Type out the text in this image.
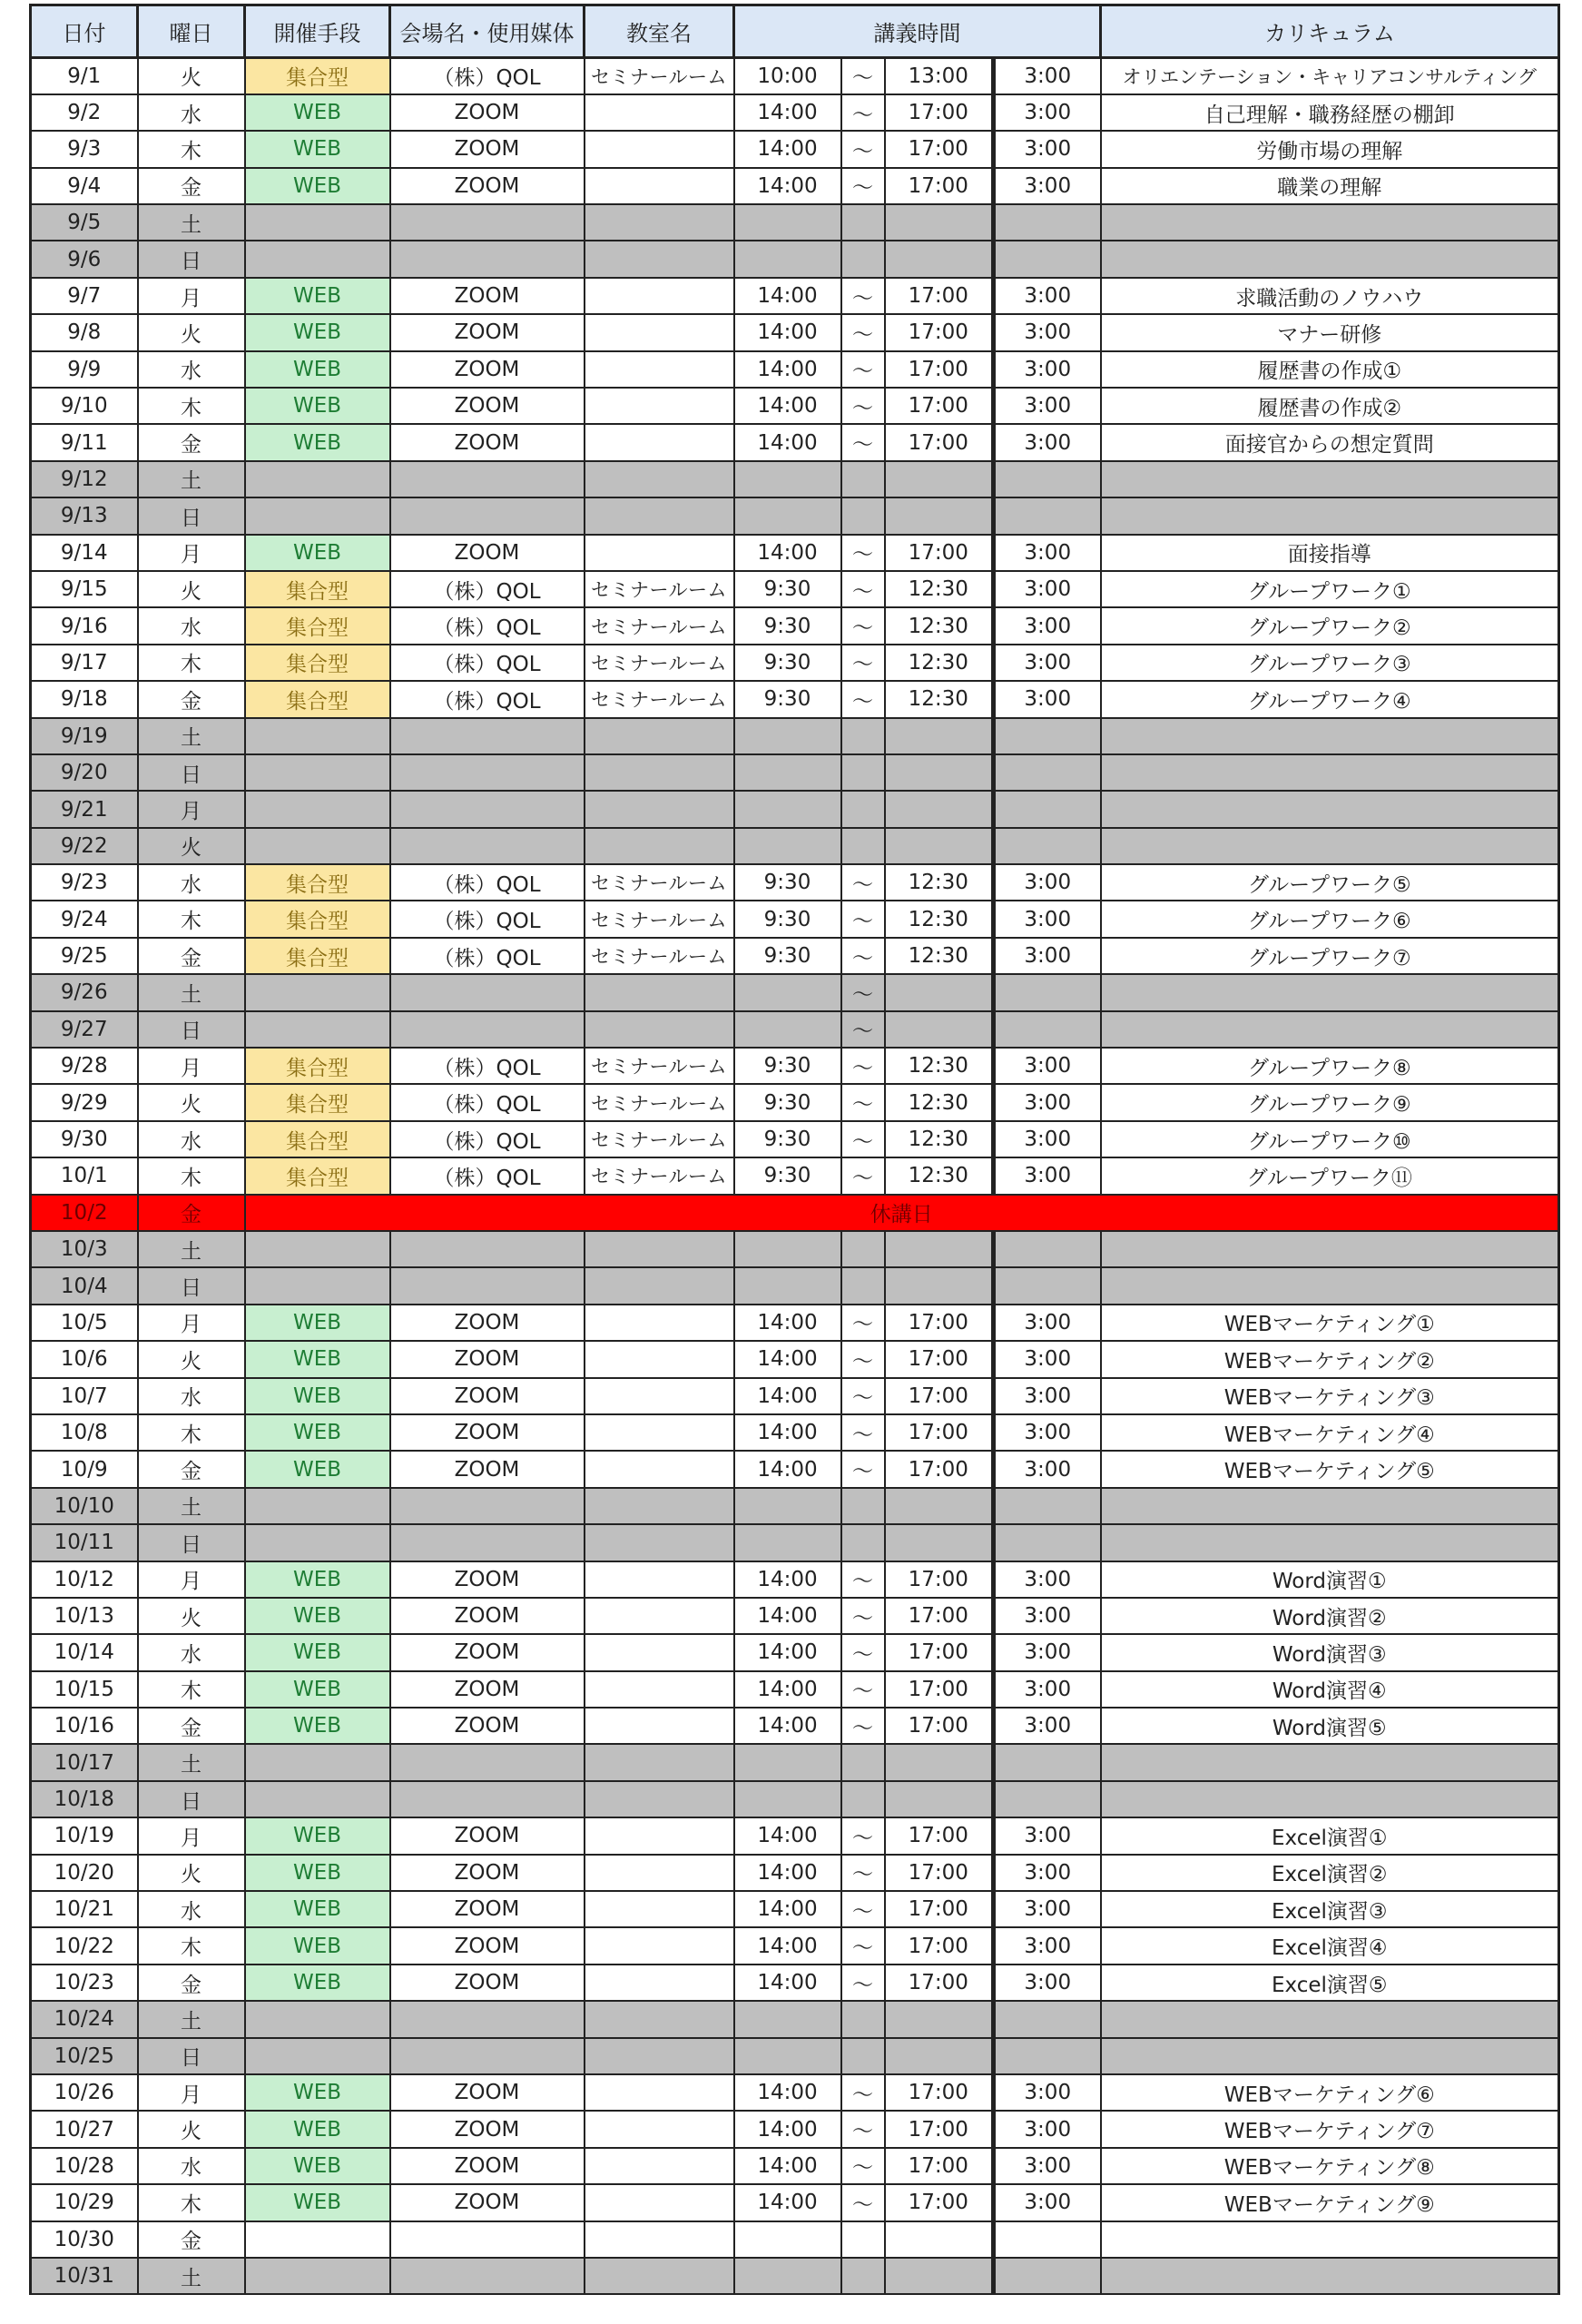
日付	曜日	開催手段	会場名・使用媒体	教室名	講義時間				カリキュラム
9/1	火	集合型	（株）QOL	セミナールーム	10:00	〜	13:00	3:00	オリエンテーション・キャリアコンサルティング
9/2	水	WEB	ZOOM		14:00	〜	17:00	3:00	自己理解・職務経歴の棚卸
9/3	木	WEB	ZOOM		14:00	〜	17:00	3:00	労働市場の理解
9/4	金	WEB	ZOOM		14:00	〜	17:00	3:00	職業の理解
9/5	土								
9/6	日								
9/7	月	WEB	ZOOM		14:00	〜	17:00	3:00	求職活動のノウハウ
9/8	火	WEB	ZOOM		14:00	〜	17:00	3:00	マナー研修
9/9	水	WEB	ZOOM		14:00	〜	17:00	3:00	履歴書の作成①
9/10	木	WEB	ZOOM		14:00	〜	17:00	3:00	履歴書の作成②
9/11	金	WEB	ZOOM		14:00	〜	17:00	3:00	面接官からの想定質問
9/12	土								
9/13	日								
9/14	月	WEB	ZOOM		14:00	〜	17:00	3:00	面接指導
9/15	火	集合型	（株）QOL	セミナールーム	9:30	〜	12:30	3:00	グループワーク①
9/16	水	集合型	（株）QOL	セミナールーム	9:30	〜	12:30	3:00	グループワーク②
9/17	木	集合型	（株）QOL	セミナールーム	9:30	〜	12:30	3:00	グループワーク③
9/18	金	集合型	（株）QOL	セミナールーム	9:30	〜	12:30	3:00	グループワーク④
9/19	土								
9/20	日								
9/21	月								
9/22	火								
9/23	水	集合型	（株）QOL	セミナールーム	9:30	〜	12:30	3:00	グループワーク⑤
9/24	木	集合型	（株）QOL	セミナールーム	9:30	〜	12:30	3:00	グループワーク⑥
9/25	金	集合型	（株）QOL	セミナールーム	9:30	〜	12:30	3:00	グループワーク⑦
9/26	土					〜			
9/27	日					〜			
9/28	月	集合型	（株）QOL	セミナールーム	9:30	〜	12:30	3:00	グループワーク⑧
9/29	火	集合型	（株）QOL	セミナールーム	9:30	〜	12:30	3:00	グループワーク⑨
9/30	水	集合型	（株）QOL	セミナールーム	9:30	〜	12:30	3:00	グループワーク⑩
10/1	木	集合型	（株）QOL	セミナールーム	9:30	〜	12:30	3:00	グループワーク⑪
10/2	金	休講日							
10/3	土								
10/4	日								
10/5	月	WEB	ZOOM		14:00	〜	17:00	3:00	WEBマーケティング①
10/6	火	WEB	ZOOM		14:00	〜	17:00	3:00	WEBマーケティング②
10/7	水	WEB	ZOOM		14:00	〜	17:00	3:00	WEBマーケティング③
10/8	木	WEB	ZOOM		14:00	〜	17:00	3:00	WEBマーケティング④
10/9	金	WEB	ZOOM		14:00	〜	17:00	3:00	WEBマーケティング⑤
10/10	土								
10/11	日								
10/12	月	WEB	ZOOM		14:00	〜	17:00	3:00	Word演習①
10/13	火	WEB	ZOOM		14:00	〜	17:00	3:00	Word演習②
10/14	水	WEB	ZOOM		14:00	〜	17:00	3:00	Word演習③
10/15	木	WEB	ZOOM		14:00	〜	17:00	3:00	Word演習④
10/16	金	WEB	ZOOM		14:00	〜	17:00	3:00	Word演習⑤
10/17	土								
10/18	日								
10/19	月	WEB	ZOOM		14:00	〜	17:00	3:00	Excel演習①
10/20	火	WEB	ZOOM		14:00	〜	17:00	3:00	Excel演習②
10/21	水	WEB	ZOOM		14:00	〜	17:00	3:00	Excel演習③
10/22	木	WEB	ZOOM		14:00	〜	17:00	3:00	Excel演習④
10/23	金	WEB	ZOOM		14:00	〜	17:00	3:00	Excel演習⑤
10/24	土								
10/25	日								
10/26	月	WEB	ZOOM		14:00	〜	17:00	3:00	WEBマーケティング⑥
10/27	火	WEB	ZOOM		14:00	〜	17:00	3:00	WEBマーケティング⑦
10/28	水	WEB	ZOOM		14:00	〜	17:00	3:00	WEBマーケティング⑧
10/29	木	WEB	ZOOM		14:00	〜	17:00	3:00	WEBマーケティング⑨
10/30	金								
10/31	土								
